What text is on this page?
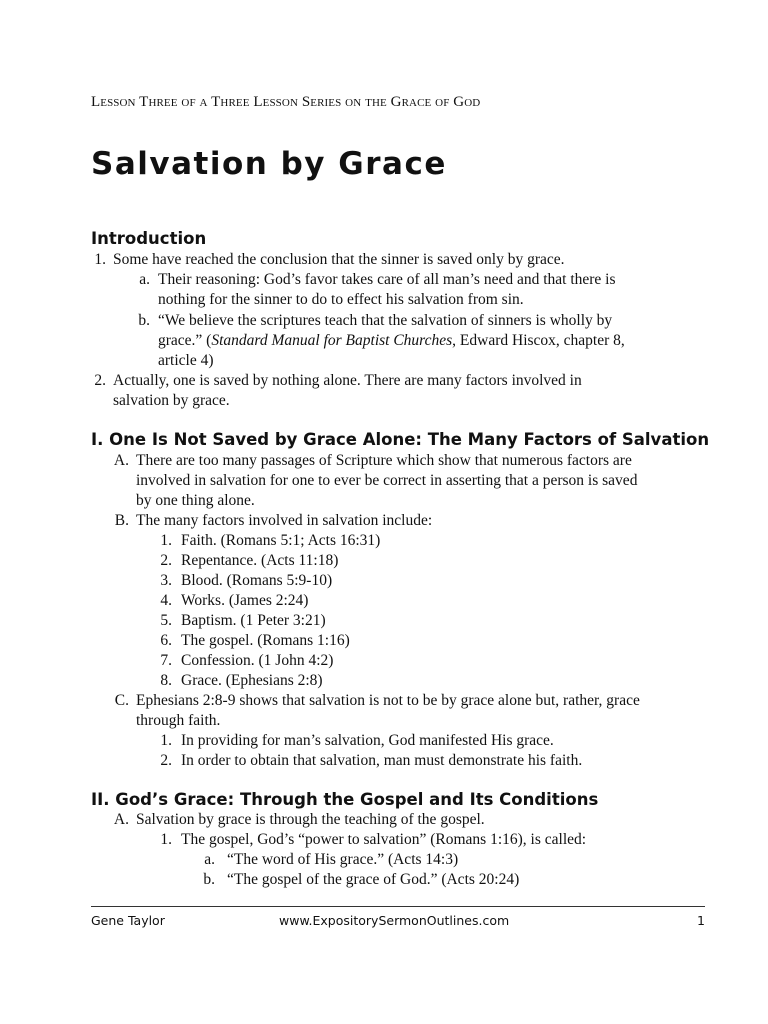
Lesson Three of a Three Lesson Series on the Grace of God
Salvation by Grace
Introduction
1. Some have reached the conclusion that the sinner is saved only by grace.
a. Their reasoning: God’s favor takes care of all man’s need and that there is
nothing for the sinner to do to effect his salvation from sin.
b. “We believe the scriptures teach that the salvation of sinners is wholly by
grace.” (Standard Manual for Baptist Churches, Edward Hiscox, chapter 8,
article 4)
2. Actually, one is saved by nothing alone. There are many factors involved in
salvation by grace.
I. One Is Not Saved by Grace Alone: The Many Factors of Salvation
A. There are too many passages of Scripture which show that numerous factors are
involved in salvation for one to ever be correct in asserting that a person is saved
by one thing alone.
B. The many factors involved in salvation include:
1. Faith. (Romans 5:1; Acts 16:31)
2. Repentance. (Acts 11:18)
3. Blood. (Romans 5:9-10)
4. Works. (James 2:24)
5. Baptism. (1 Peter 3:21)
6. The gospel. (Romans 1:16)
7. Confession. (1 John 4:2)
8. Grace. (Ephesians 2:8)
C. Ephesians 2:8-9 shows that salvation is not to be by grace alone but, rather, grace
through faith.
1. In providing for man’s salvation, God manifested His grace.
2. In order to obtain that salvation, man must demonstrate his faith.
II. God’s Grace: Through the Gospel and Its Conditions
A. Salvation by grace is through the teaching of the gospel.
1. The gospel, God’s “power to salvation” (Romans 1:16), is called:
a. “The word of His grace.” (Acts 14:3)
b. “The gospel of the grace of God.” (Acts 20:24)
Gene Taylor	www.ExpositorySermonOutlines.com	1
